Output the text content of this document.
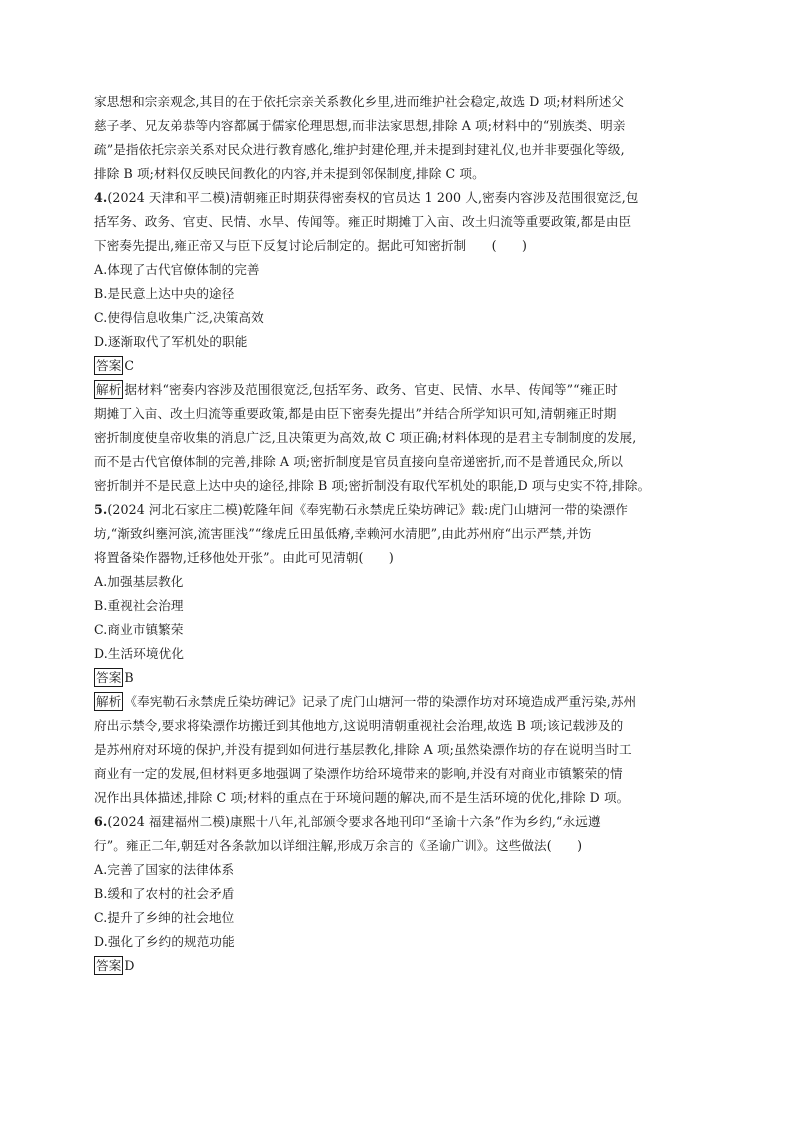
家思想和宗亲观念,其目的在于依托宗亲关系教化乡里,进而维护社会稳定,故选 D 项;材料所述父
慈子孝、兄友弟恭等内容都属于儒家伦理思想,而非法家思想,排除 A 项;材料中的“别族类、明亲
疏”是指依托宗亲关系对民众进行教育感化,维护封建伦理,并未提到封建礼仪,也并非要强化等级,
排除 B 项;材料仅反映民间教化的内容,并未提到邻保制度,排除 C 项。
4.(2024 天津和平二模)清朝雍正时期获得密奏权的官员达 1 200 人,密奏内容涉及范围很宽泛,包
括军务、政务、官吏、民情、水旱、传闻等。雍正时期摊丁入亩、改土归流等重要政策,都是由臣
下密奏先提出,雍正帝又与臣下反复讨论后制定的。据此可知密折制　　(　　)
A.体现了古代官僚体制的完善
B.是民意上达中央的途径
C.使得信息收集广泛,决策高效
D.逐渐取代了军机处的职能
答案 C
解析 据材料“密奏内容涉及范围很宽泛,包括军务、政务、官吏、民情、水旱、传闻等”“雍正时
期摊丁入亩、改土归流等重要政策,都是由臣下密奏先提出”并结合所学知识可知,清朝雍正时期
密折制度使皇帝收集的消息广泛,且决策更为高效,故 C 项正确;材料体现的是君主专制制度的发展,
而不是古代官僚体制的完善,排除 A 项;密折制度是官员直接向皇帝递密折,而不是普通民众,所以
密折制并不是民意上达中央的途径,排除 B 项;密折制没有取代军机处的职能,D 项与史实不符,排除。
5.(2024 河北石家庄二模)乾隆年间《奉宪勒石永禁虎丘染坊碑记》载:虎门山塘河一带的染漂作
坊,“渐致纠壅河滨,流害匪浅”“缘虎丘田虽低瘠,幸赖河水清肥”,由此苏州府“出示严禁,并饬
将置备染作器物,迁移他处开张”。由此可见清朝(　　)
A.加强基层教化
B.重视社会治理
C.商业市镇繁荣
D.生活环境优化
答案 B
解析 《奉宪勒石永禁虎丘染坊碑记》记录了虎门山塘河一带的染漂作坊对环境造成严重污染,苏州
府出示禁令,要求将染漂作坊搬迁到其他地方,这说明清朝重视社会治理,故选 B 项;该记载涉及的
是苏州府对环境的保护,并没有提到如何进行基层教化,排除 A 项;虽然染漂作坊的存在说明当时工
商业有一定的发展,但材料更多地强调了染漂作坊给环境带来的影响,并没有对商业市镇繁荣的情
况作出具体描述,排除 C 项;材料的重点在于环境问题的解决,而不是生活环境的优化,排除 D 项。
6.(2024 福建福州二模)康熙十八年,礼部颁令要求各地刊印“圣谕十六条”作为乡约,“永远遵
行”。雍正二年,朝廷对各条款加以详细注解,形成万余言的《圣谕广训》。这些做法(　　)
A.完善了国家的法律体系
B.缓和了农村的社会矛盾
C.提升了乡绅的社会地位
D.强化了乡约的规范功能
答案 D
